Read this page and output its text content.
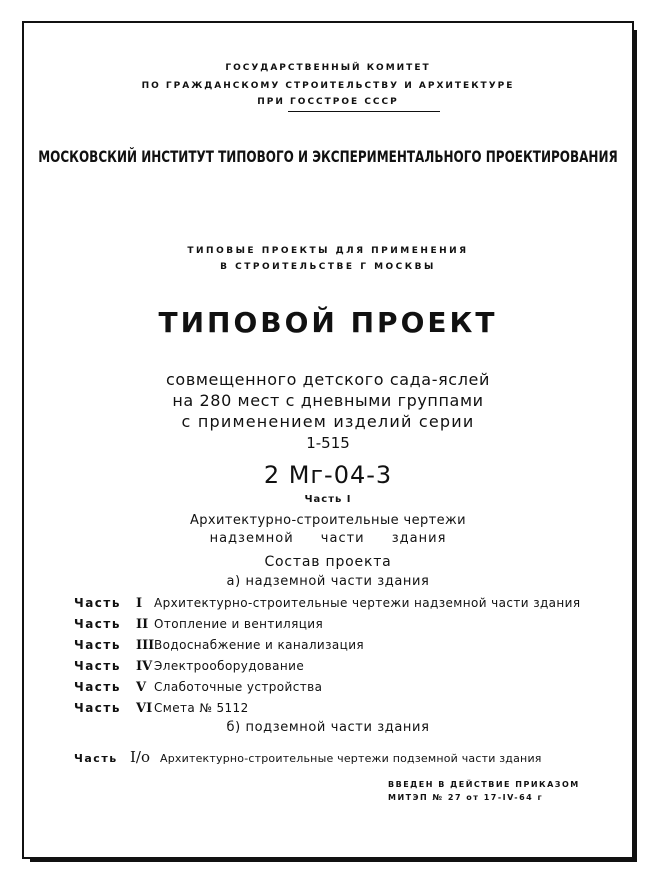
ГОСУДАРСТВЕННЫЙ КОМИТЕТ
ПО ГРАЖДАНСКОМУ СТРОИТЕЛЬСТВУ И АРХИТЕКТУРЕ
ПРИ ГОССТРОЕ СССР
МОСКОВСКИЙ ИНСТИТУТ ТИПОВОГО И ЭКСПЕРИМЕНТАЛЬНОГО ПРОЕКТИРОВАНИЯ
ТИПОВЫЕ ПРОЕКТЫ ДЛЯ ПРИМЕНЕНИЯ
В СТРОИТЕЛЬСТВЕ Г МОСКВЫ
ТИПОВОЙ ПРОЕКТ
совмещенного детского сада-яслей
на 280 мест с дневными группами
с применением изделий серии
1-515
2 Мг-04-3
Часть I
Архитектурно-строительные чертежи
надземной части здания
Состав проекта
а) надземной части здания
Часть I Архитектурно-строительные чертежи надземной части здания
Часть II Отопление и вентиляция
Часть IIIВодоснабжение и канализация
Часть IV Электрооборудование
Часть V Слаботочные устройства
Часть VI Смета № 5112
б) подземной части здания
Часть I/о Архитектурно-строительные чертежи подземной части здания
ВВЕДЕН В ДЕЙСТВИЕ ПРИКАЗОМ
МИТЭП № 27 от 17-IV-64 г
